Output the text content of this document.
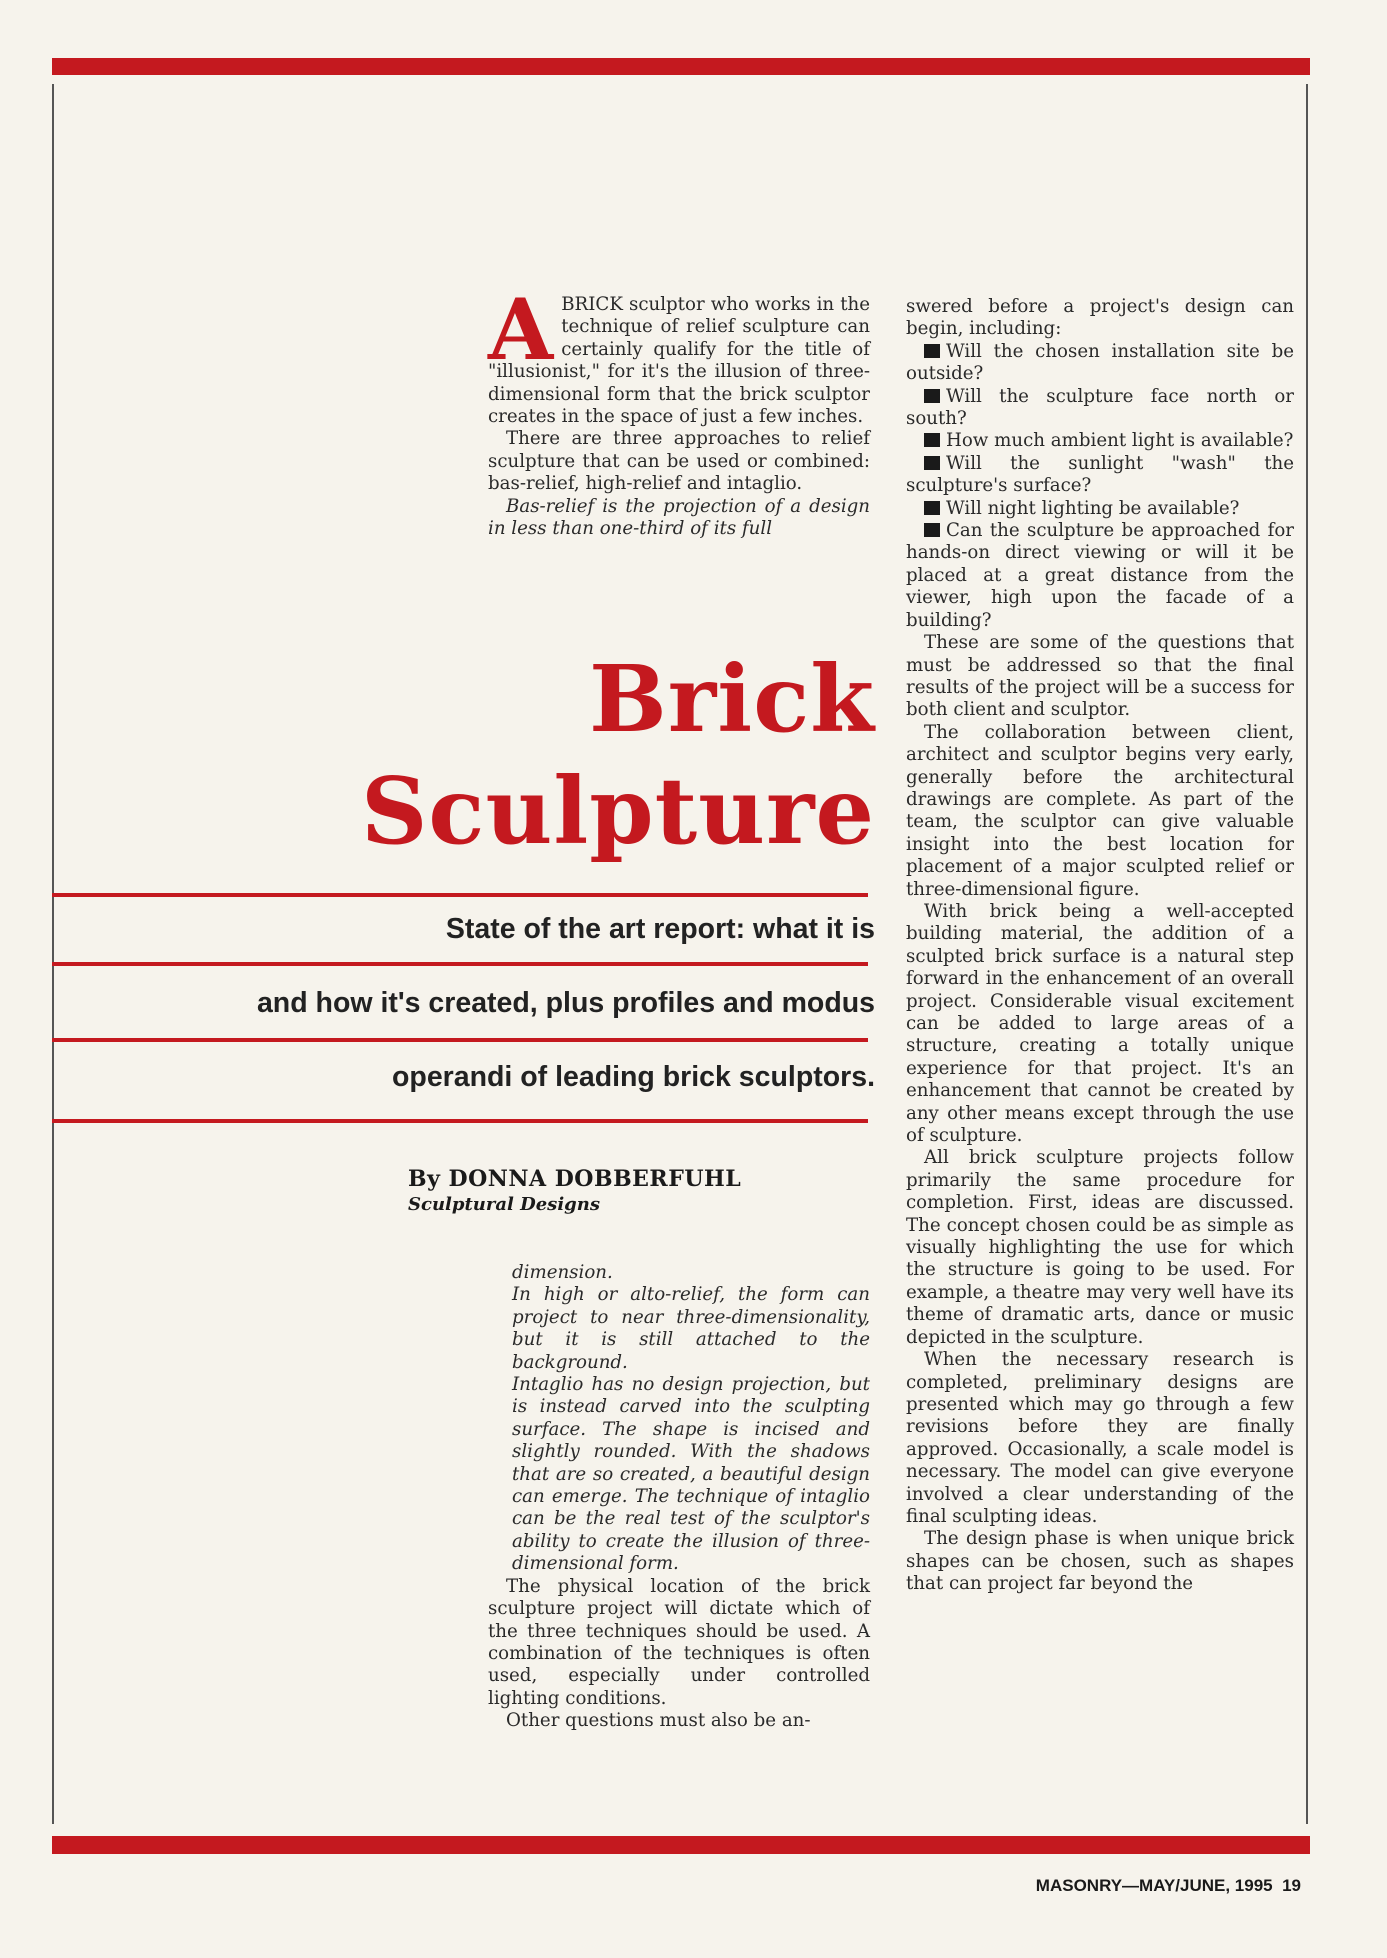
ABRICK sculptor who works in the technique of relief sculpture can certainly qualify for the title of "illusionist," for it's the illusion of three-dimensional form that the brick sculptor creates in the space of just a few inches.

There are three approaches to relief sculpture that can be used or combined: bas-relief, high-relief and intaglio.

Bas-relief is the projection of a design in less than one-third of its full

Brick
Sculpture
State of the art report: what it is
and how it's created, plus profiles and modus
operandi of leading brick sculptors.
By DONNA DOBBERFUHL
Sculptural Designs

dimension.

In high or alto-relief, the form can project to near three-dimensionality, but it is still attached to the background.

Intaglio has no design projection, but is instead carved into the sculpting surface. The shape is incised and slightly rounded. With the shadows that are so created, a beautiful design can emerge. The technique of intaglio can be the real test of the sculptor's ability to create the illusion of three-dimensional form.

The physical location of the brick sculpture project will dictate which of the three techniques should be used. A combination of the techniques is often used, especially under controlled lighting conditions.

Other questions must also be an-

swered before a project's design can begin, including:

Will the chosen installation site be outside?

Will the sculpture face north or south?

How much ambient light is available?

Will the sunlight "wash" the sculpture's surface?

Will night lighting be available?

Can the sculpture be approached for hands-on direct viewing or will it be placed at a great distance from the viewer, high upon the facade of a building?

These are some of the questions that must be addressed so that the final results of the project will be a success for both client and sculptor.

The collaboration between client, architect and sculptor begins very early, generally before the architectural drawings are complete. As part of the team, the sculptor can give valuable insight into the best location for placement of a major sculpted relief or three-dimensional figure.

With brick being a well-accepted building material, the addition of a sculpted brick surface is a natural step forward in the enhancement of an overall project. Considerable visual excitement can be added to large areas of a structure, creating a totally unique experience for that project. It's an enhancement that cannot be created by any other means except through the use of sculpture.

All brick sculpture projects follow primarily the same procedure for completion. First, ideas are discussed. The concept chosen could be as simple as visually highlighting the use for which the structure is going to be used. For example, a theatre may very well have its theme of dramatic arts, dance or music depicted in the sculpture.

When the necessary research is completed, preliminary designs are presented which may go through a few revisions before they are finally approved. Occasionally, a scale model is necessary. The model can give everyone involved a clear understanding of the final sculpting ideas.

The design phase is when unique brick shapes can be chosen, such as shapes that can project far beyond the

MASONRY—MAY/JUNE, 1995 19
